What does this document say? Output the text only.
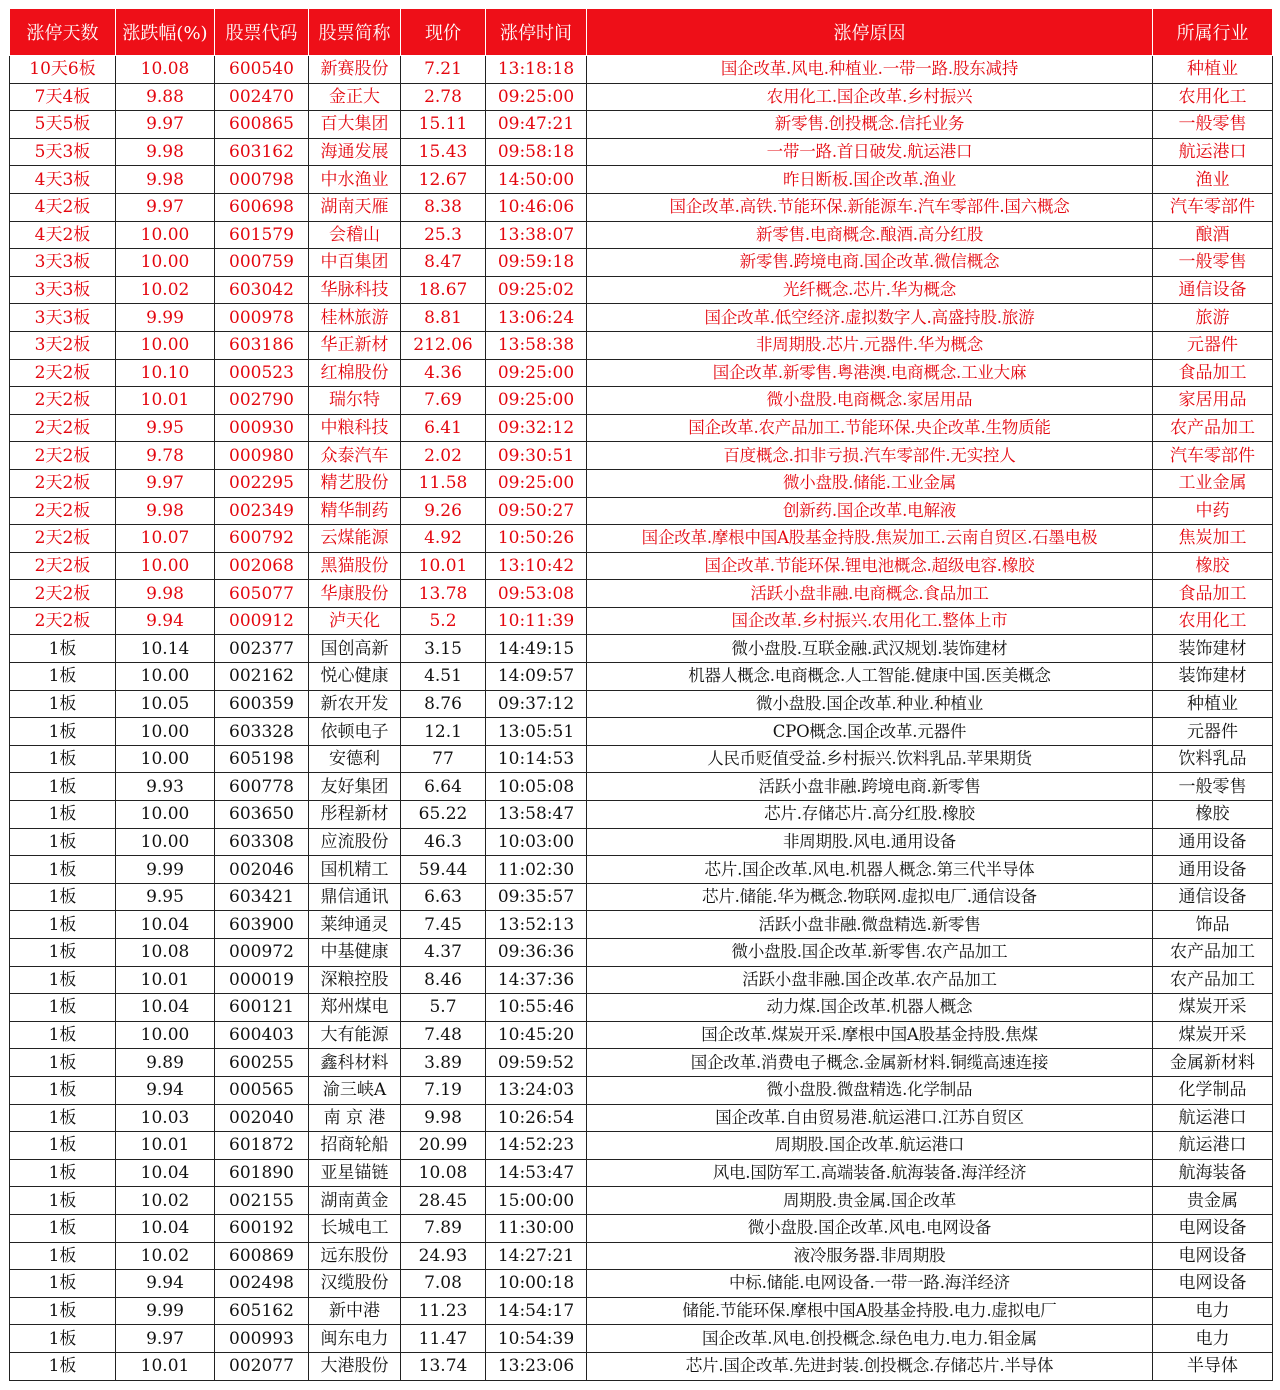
涨停天数	涨跌幅(%)	股票代码	股票简称	现价	涨停时间	涨停原因	所属行业
10天6板	10.08	600540	新赛股份	7.21	13:18:18	国企改革.风电.种植业.一带一路.股东减持	种植业
7天4板	9.88	002470	金正大	2.78	09:25:00	农用化工.国企改革.乡村振兴	农用化工
5天5板	9.97	600865	百大集团	15.11	09:47:21	新零售.创投概念.信托业务	一般零售
5天3板	9.98	603162	海通发展	15.43	09:58:18	一带一路.首日破发.航运港口	航运港口
4天3板	9.98	000798	中水渔业	12.67	14:50:00	昨日断板.国企改革.渔业	渔业
4天2板	9.97	600698	湖南天雁	8.38	10:46:06	国企改革.高铁.节能环保.新能源车.汽车零部件.国六概念	汽车零部件
4天2板	10.00	601579	会稽山	25.3	13:38:07	新零售.电商概念.酿酒.高分红股	酿酒
3天3板	10.00	000759	中百集团	8.47	09:59:18	新零售.跨境电商.国企改革.微信概念	一般零售
3天3板	10.02	603042	华脉科技	18.67	09:25:02	光纤概念.芯片.华为概念	通信设备
3天3板	9.99	000978	桂林旅游	8.81	13:06:24	国企改革.低空经济.虚拟数字人.高盛持股.旅游	旅游
3天2板	10.00	603186	华正新材	212.06	13:58:38	非周期股.芯片.元器件.华为概念	元器件
2天2板	10.10	000523	红棉股份	4.36	09:25:00	国企改革.新零售.粤港澳.电商概念.工业大麻	食品加工
2天2板	10.01	002790	瑞尔特	7.69	09:25:00	微小盘股.电商概念.家居用品	家居用品
2天2板	9.95	000930	中粮科技	6.41	09:32:12	国企改革.农产品加工.节能环保.央企改革.生物质能	农产品加工
2天2板	9.78	000980	众泰汽车	2.02	09:30:51	百度概念.扣非亏损.汽车零部件.无实控人	汽车零部件
2天2板	9.97	002295	精艺股份	11.58	09:25:00	微小盘股.储能.工业金属	工业金属
2天2板	9.98	002349	精华制药	9.26	09:50:27	创新药.国企改革.电解液	中药
2天2板	10.07	600792	云煤能源	4.92	10:50:26	国企改革.摩根中国A股基金持股.焦炭加工.云南自贸区.石墨电极	焦炭加工
2天2板	10.00	002068	黑猫股份	10.01	13:10:42	国企改革.节能环保.锂电池概念.超级电容.橡胶	橡胶
2天2板	9.98	605077	华康股份	13.78	09:53:08	活跃小盘非融.电商概念.食品加工	食品加工
2天2板	9.94	000912	泸天化	5.2	10:11:39	国企改革.乡村振兴.农用化工.整体上市	农用化工
1板	10.14	002377	国创高新	3.15	14:49:15	微小盘股.互联金融.武汉规划.装饰建材	装饰建材
1板	10.00	002162	悦心健康	4.51	14:09:57	机器人概念.电商概念.人工智能.健康中国.医美概念	装饰建材
1板	10.05	600359	新农开发	8.76	09:37:12	微小盘股.国企改革.种业.种植业	种植业
1板	10.00	603328	依顿电子	12.1	13:05:51	CPO概念.国企改革.元器件	元器件
1板	10.00	605198	安德利	77	10:14:53	人民币贬值受益.乡村振兴.饮料乳品.苹果期货	饮料乳品
1板	9.93	600778	友好集团	6.64	10:05:08	活跃小盘非融.跨境电商.新零售	一般零售
1板	10.00	603650	彤程新材	65.22	13:58:47	芯片.存储芯片.高分红股.橡胶	橡胶
1板	10.00	603308	应流股份	46.3	10:03:00	非周期股.风电.通用设备	通用设备
1板	9.99	002046	国机精工	59.44	11:02:30	芯片.国企改革.风电.机器人概念.第三代半导体	通用设备
1板	9.95	603421	鼎信通讯	6.63	09:35:57	芯片.储能.华为概念.物联网.虚拟电厂.通信设备	通信设备
1板	10.04	603900	莱绅通灵	7.45	13:52:13	活跃小盘非融.微盘精选.新零售	饰品
1板	10.08	000972	中基健康	4.37	09:36:36	微小盘股.国企改革.新零售.农产品加工	农产品加工
1板	10.01	000019	深粮控股	8.46	14:37:36	活跃小盘非融.国企改革.农产品加工	农产品加工
1板	10.04	600121	郑州煤电	5.7	10:55:46	动力煤.国企改革.机器人概念	煤炭开采
1板	10.00	600403	大有能源	7.48	10:45:20	国企改革.煤炭开采.摩根中国A股基金持股.焦煤	煤炭开采
1板	9.89	600255	鑫科材料	3.89	09:59:52	国企改革.消费电子概念.金属新材料.铜缆高速连接	金属新材料
1板	9.94	000565	渝三峡A	7.19	13:24:03	微小盘股.微盘精选.化学制品	化学制品
1板	10.03	002040	南 京 港	9.98	10:26:54	国企改革.自由贸易港.航运港口.江苏自贸区	航运港口
1板	10.01	601872	招商轮船	20.99	14:52:23	周期股.国企改革.航运港口	航运港口
1板	10.04	601890	亚星锚链	10.08	14:53:47	风电.国防军工.高端装备.航海装备.海洋经济	航海装备
1板	10.02	002155	湖南黄金	28.45	15:00:00	周期股.贵金属.国企改革	贵金属
1板	10.04	600192	长城电工	7.89	11:30:00	微小盘股.国企改革.风电.电网设备	电网设备
1板	10.02	600869	远东股份	24.93	14:27:21	液冷服务器.非周期股	电网设备
1板	9.94	002498	汉缆股份	7.08	10:00:18	中标.储能.电网设备.一带一路.海洋经济	电网设备
1板	9.99	605162	新中港	11.23	14:54:17	储能.节能环保.摩根中国A股基金持股.电力.虚拟电厂	电力
1板	9.97	000993	闽东电力	11.47	10:54:39	国企改革.风电.创投概念.绿色电力.电力.钼金属	电力
1板	10.01	002077	大港股份	13.74	13:23:06	芯片.国企改革.先进封装.创投概念.存储芯片.半导体	半导体
